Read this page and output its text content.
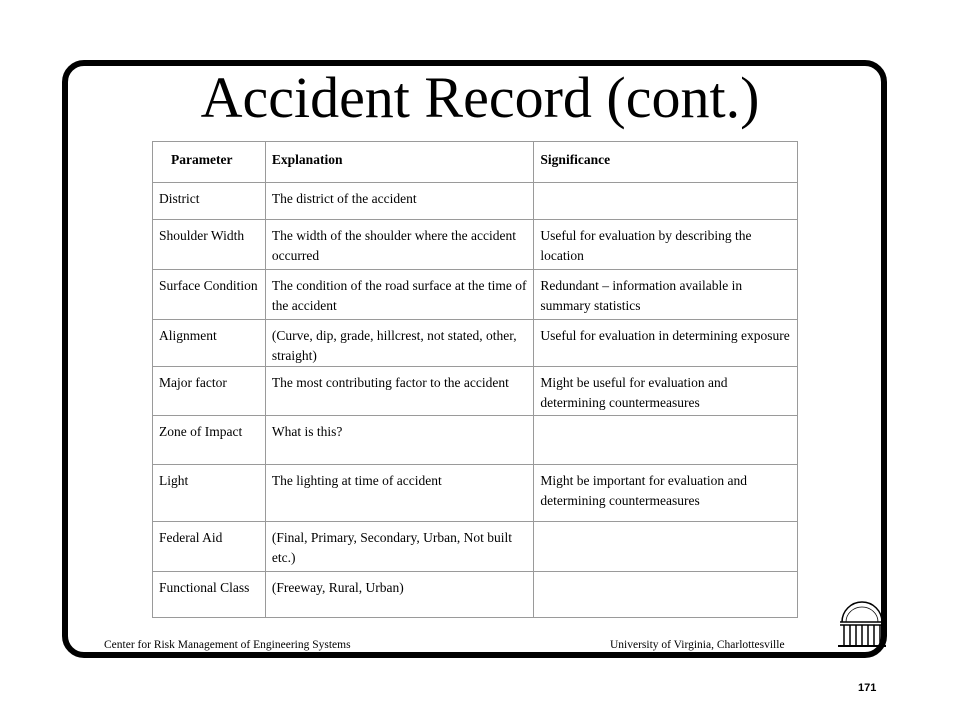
Accident Record (cont.)
Parameter	Explanation	Significance
District	The district of the accident	
Shoulder Width	The width of the shoulder where the accident occurred	Useful for evaluation by describing the location
Surface Condition	The condition of the road surface at the time of the accident	Redundant – information available in summary statistics
Alignment	(Curve, dip, grade, hillcrest, not stated, other, straight)	Useful for evaluation in determining exposure
Major factor	The most contributing factor to the accident	Might be useful for evaluation and determining countermeasures
Zone of Impact	What is this?	
Light	The lighting at time of accident	Might be important for evaluation and determining countermeasures
Federal Aid	(Final, Primary, Secondary, Urban, Not built etc.)	
Functional Class	(Freeway, Rural, Urban)	
Center for Risk Management of Engineering Systems	University of Virginia, Charlottesville
171
